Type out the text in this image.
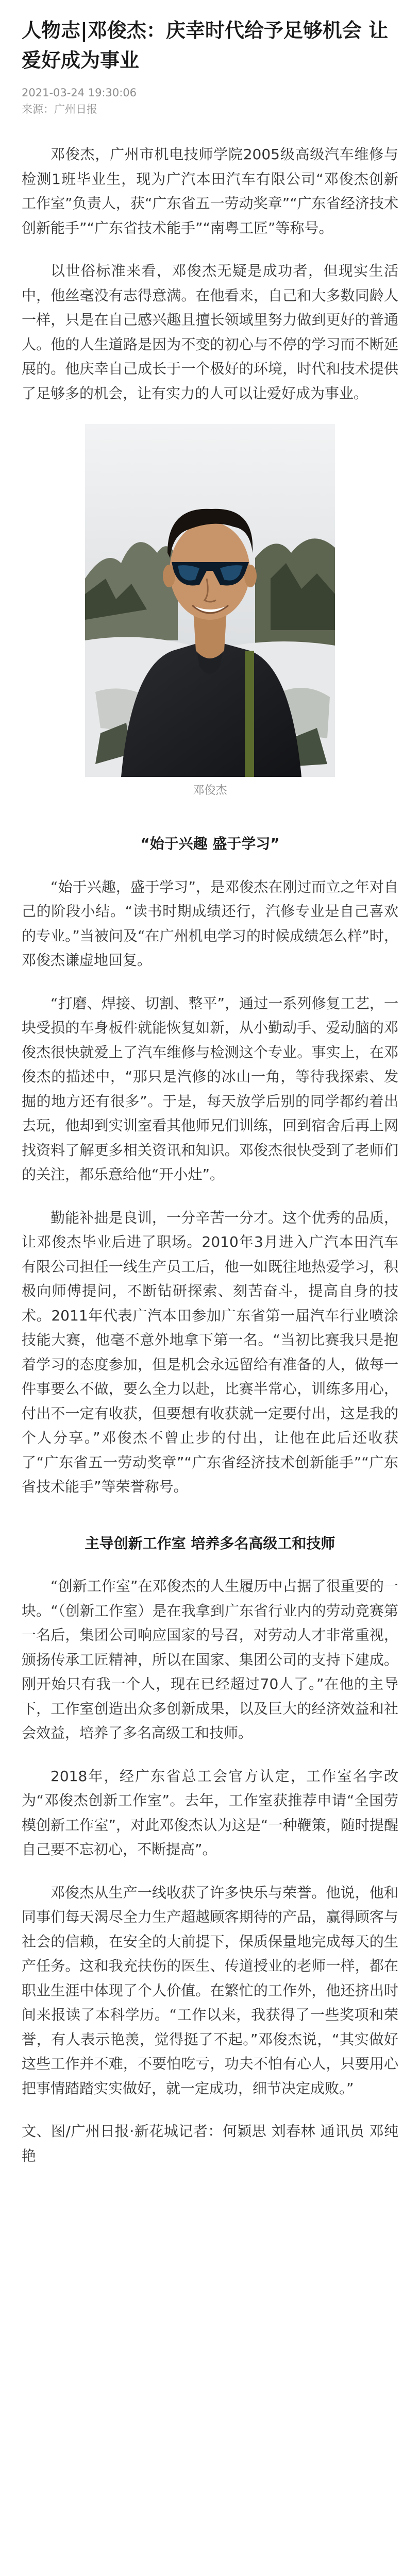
人物志|邓俊杰：庆幸时代给予足够机会 让爱好成为事业
2021-03-24 19:30:06
来源：广州日报

邓俊杰，广州市机电技师学院2005级高级汽车维修与检测1班毕业生，现为广汽本田汽车有限公司“邓俊杰创新工作室”负责人，获“广东省五一劳动奖章”“广东省经济技术创新能手”“广东省技术能手”“南粤工匠”等称号。

以世俗标准来看，邓俊杰无疑是成功者，但现实生活中，他丝毫没有志得意满。在他看来，自己和大多数同龄人一样，只是在自己感兴趣且擅长领域里努力做到更好的普通人。他的人生道路是因为不变的初心与不停的学习而不断延展的。他庆幸自己成长于一个极好的环境，时代和技术提供了足够多的机会，让有实力的人可以让爱好成为事业。

邓俊杰
“始于兴趣 盛于学习”

“始于兴趣，盛于学习”，是邓俊杰在刚过而立之年对自己的阶段小结。“读书时期成绩还行，汽修专业是自己喜欢的专业。”当被问及“在广州机电学习的时候成绩怎么样”时，邓俊杰谦虚地回复。

“打磨、焊接、切割、整平”，通过一系列修复工艺，一块受损的车身板件就能恢复如新，从小勤动手、爱动脑的邓俊杰很快就爱上了汽车维修与检测这个专业。事实上，在邓俊杰的描述中，“那只是汽修的冰山一角，等待我探索、发掘的地方还有很多”。于是，每天放学后别的同学都约着出去玩，他却到实训室看其他师兄们训练，回到宿舍后再上网找资料了解更多相关资讯和知识。邓俊杰很快受到了老师们的关注，都乐意给他“开小灶”。

勤能补拙是良训，一分辛苦一分才。这个优秀的品质，让邓俊杰毕业后进了职场。2010年3月进入广汽本田汽车有限公司担任一线生产员工后，他一如既往地热爱学习，积极向师傅提问，不断钻研探索、刻苦奋斗，提高自身的技术。2011年代表广汽本田参加广东省第一届汽车行业喷涂技能大赛，他毫不意外地拿下第一名。“当初比赛我只是抱着学习的态度参加，但是机会永远留给有准备的人，做每一件事要么不做，要么全力以赴，比赛半常心，训练多用心，付出不一定有收获，但要想有收获就一定要付出，这是我的个人分享。”邓俊杰不曾止步的付出，让他在此后还收获了“广东省五一劳动奖章”“广东省经济技术创新能手”“广东省技术能手”等荣誉称号。

主导创新工作室 培养多名高级工和技师

“创新工作室”在邓俊杰的人生履历中占据了很重要的一块。“（创新工作室）是在我拿到广东省行业内的劳动竞赛第一名后，集团公司响应国家的号召，对劳动人才非常重视，颁扬传承工匠精神，所以在国家、集团公司的支持下建成。刚开始只有我一个人，现在已经超过70人了。”在他的主导下，工作室创造出众多创新成果，以及巨大的经济效益和社会效益，培养了多名高级工和技师。

2018年，经广东省总工会官方认定，工作室名字改为“邓俊杰创新工作室”。去年，工作室获推荐申请“全国劳模创新工作室”，对此邓俊杰认为这是“一种鞭策，随时提醒自己要不忘初心，不断提高”。

邓俊杰从生产一线收获了许多快乐与荣誉。他说，他和同事们每天渴尽全力生产超越顾客期待的产品，赢得顾客与社会的信赖，在安全的大前提下，保质保量地完成每天的生产任务。这和我充扶伤的医生、传道授业的老师一样，都在职业生涯中体现了个人价值。在繁忙的工作外，他还挤出时间来报读了本科学历。“工作以来，我获得了一些奖项和荣誉，有人表示艳羡，觉得挺了不起。”邓俊杰说，“其实做好这些工作并不难，不要怕吃亏，功夫不怕有心人，只要用心把事情踏踏实实做好，就一定成功，细节决定成败。”

文、图/广州日报·新花城记者：何颖思 刘春林 通讯员 邓纯艳
